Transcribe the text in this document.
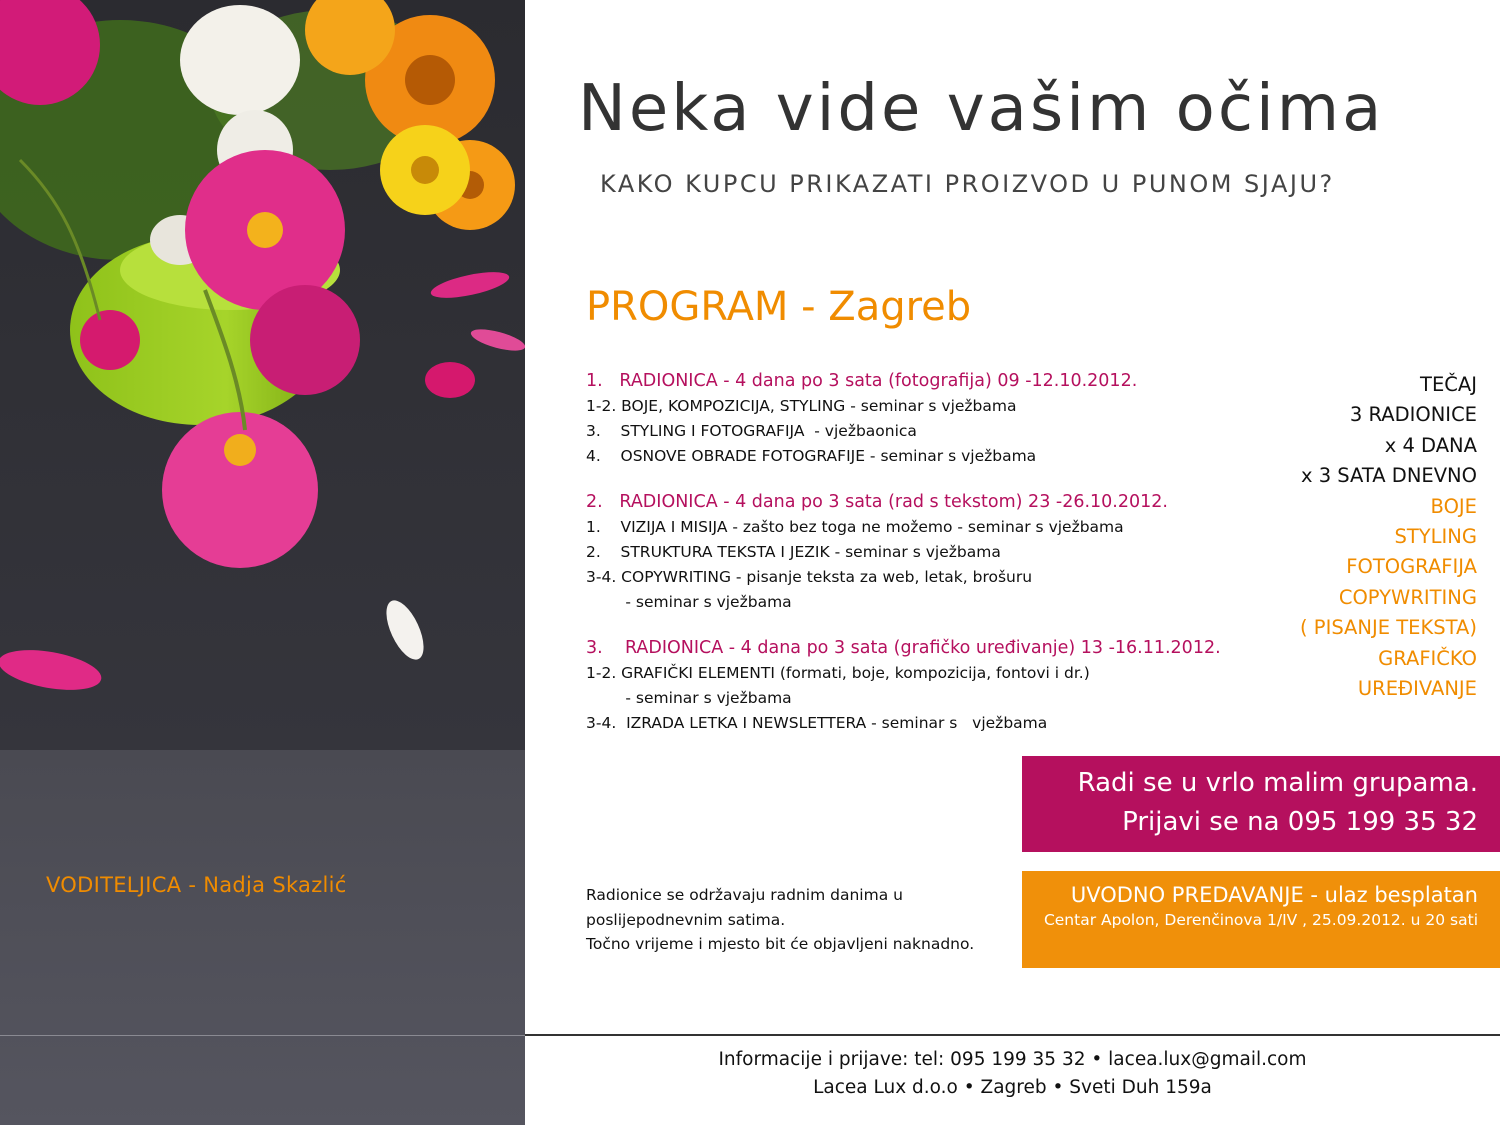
VODITELJICA - Nadja Skazlić
Neka vide vašim očima
KAKO KUPCU PRIKAZATI PROIZVOD U PUNOM SJAJU?
PROGRAM - Zagreb
1.   RADIONICA - 4 dana po 3 sata (fotografija) 09 -12.10.2012.
1-2. BOJE, KOMPOZICIJA, STYLING - seminar s vježbama
3.    STYLING I FOTOGRAFIJA  - vježbaonica
4.    OSNOVE OBRADE FOTOGRAFIJE - seminar s vježbama
2.   RADIONICA - 4 dana po 3 sata (rad s tekstom) 23 -26.10.2012.
1.    VIZIJA I MISIJA - zašto bez toga ne možemo - seminar s vježbama
2.    STRUKTURA TEKSTA I JEZIK - seminar s vježbama
3-4. COPYWRITING - pisanje teksta za web, letak, brošuru
- seminar s vježbama
3.    RADIONICA - 4 dana po 3 sata (grafičko uređivanje) 13 -16.11.2012.
1-2. GRAFIČKI ELEMENTI (formati, boje, kompozicija, fontovi i dr.)
- seminar s vježbama
3-4.  IZRADA LETKA I NEWSLETTERA - seminar s   vježbama
TEČAJ
3 RADIONICE
x 4 DANA
x 3 SATA DNEVNO
BOJE
STYLING
FOTOGRAFIJA
COPYWRITING
( PISANJE TEKSTA)
GRAFIČKO
UREĐIVANJE
Radi se u vrlo malim grupama.
Prijavi se na 095 199 35 32
Radionice se održavaju radnim danima u
poslijepodnevnim satima.
Točno vrijeme i mjesto bit će objavljeni naknadno.
UVODNO PREDAVANJE - ulaz besplatan
Centar Apolon, Derenčinova 1/IV , 25.09.2012. u 20 sati
Informacije i prijave: tel: 095 199 35 32 • lacea.lux@gmail.com
Lacea Lux d.o.o • Zagreb • Sveti Duh 159a
